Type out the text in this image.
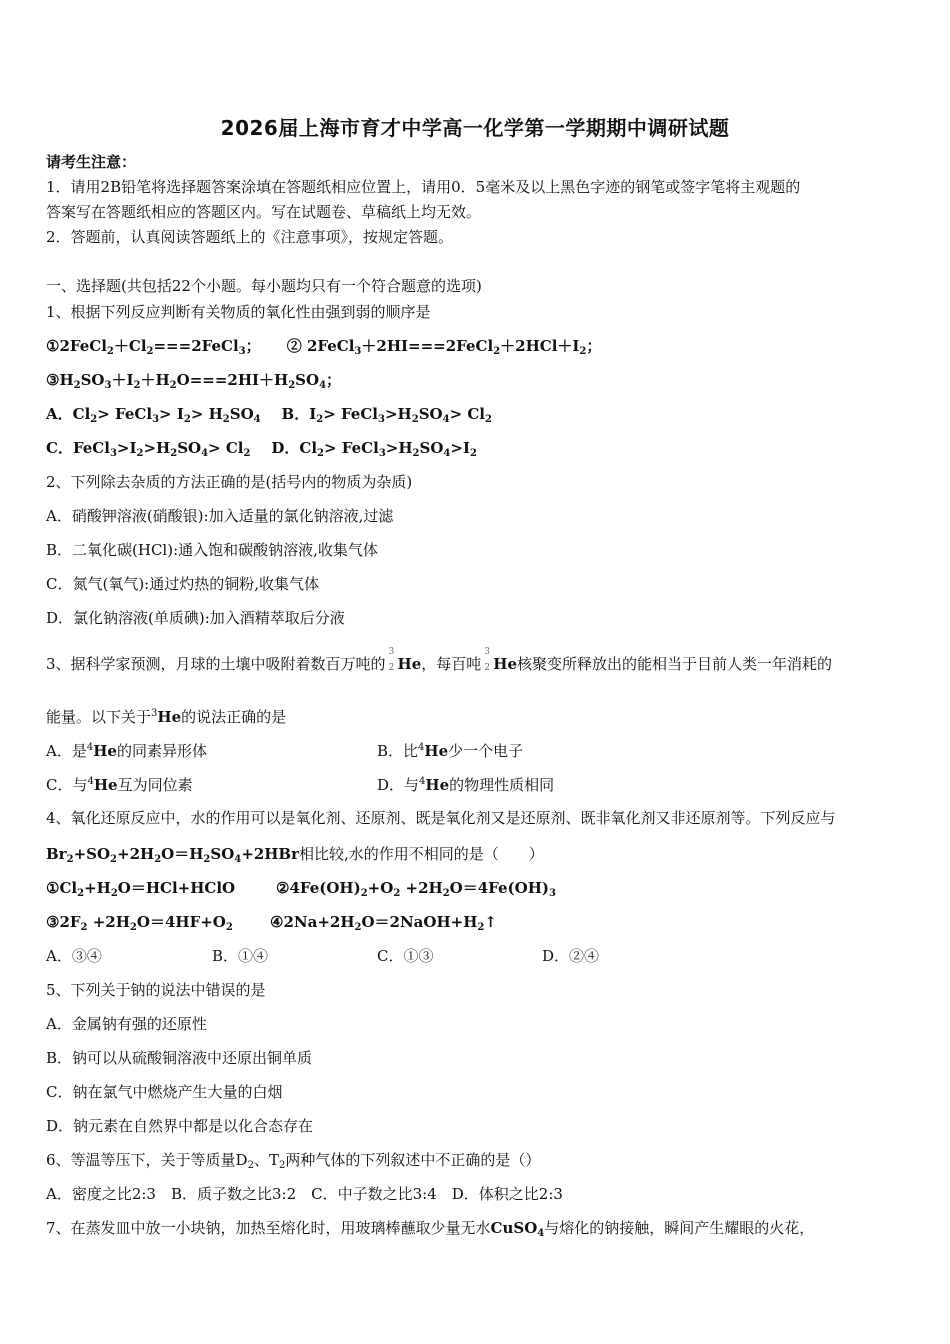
2026届上海市育才中学高一化学第一学期期中调研试题
请考生注意：
1．请用2B铅笔将选择题答案涂填在答题纸相应位置上，请用0．5毫米及以上黑色字迹的钢笔或签字笔将主观题的
答案写在答题纸相应的答题区内。写在试题卷、草稿纸上均无效。
2．答题前，认真阅读答题纸上的《注意事项》，按规定答题。
一、选择题(共包括22个小题。每小题均只有一个符合题意的选项)
1、根据下列反应判断有关物质的氧化性由强到弱的顺序是
$①2FeCl_2+Cl_2===2FeCl_3$； ② $2FeCl_3+2HI===2FeCl_2+2HCl+I_2$；
$③H_2SO_3+I_2+H_2O===2HI+H_2SO_4$；
A．$Cl_2>$ FeCl$_3$> $I_2> H_2SO_4$ B．$I_2>$ $FeCl_3>H_2SO_4> Cl_2$
C．$FeCl_3>I_2>H_2SO_4> Cl_2$ D．$Cl_2>$ $FeCl_3>H_2SO_4>I_2$
2、下列除去杂质的方法正确的是(括号内的物质为杂质)
A．硝酸钾溶液(硝酸银):加入适量的氯化钠溶液,过滤
B．二氧化碳(HCl):通入饱和碳酸钠溶液,收集气体
C．氮气(氧气):通过灼热的铜粉,收集气体
D．氯化钠溶液(单质碘):加入酒精萃取后分液
3、据科学家预测，月球的土壤中吸附着数百万吨的
3
2 He，每百吨
3
2 He核聚变所释放出的能相当于目前人类一年消耗的
能量。以下关于$^3$He的说法正确的是
A．是$^4$He的同素异形体	B．比$^4$He少一个电子
C．与$^4$He互为同位素	D．与$^4$He的物理性质相同
4、氧化还原反应中，水的作用可以是氧化剂、还原剂、既是氧化剂又是还原剂、既非氧化剂又非还原剂等。下列反应与
$Br_2+SO_2+2H_2O=H_2SO_4+2HBr$相比较,水的作用不相同的是（　　）
$①Cl_2+H_2O=HCl+HClO$	$②4Fe(OH)_2+O_2 +2H_2O=4Fe(OH)_3$
$③2F_2 +2H_2O=4HF+O_2$ $④2Na+2H_2O=2NaOH+H_2↑$
A．③④	B．①④	C．①③	D．②④
5、下列关于钠的说法中错误的是
A．金属钠有强的还原性
B．钠可以从硫酸铜溶液中还原出铜单质
C．钠在氯气中燃烧产生大量的白烟
D．钠元素在自然界中都是以化合态存在
6、等温等压下，关于等质量$D_2$、$T_2$两种气体的下列叙述中不正确的是（）
A．密度之比2:3　B．质子数之比3:2　C．中子数之比3:4　D．体积之比2:3
7、在蒸发皿中放一小块钠，加热至熔化时，用玻璃棒蘸取少量无水CuSO$_4$与熔化的钠接触，瞬间产生耀眼的火花，
